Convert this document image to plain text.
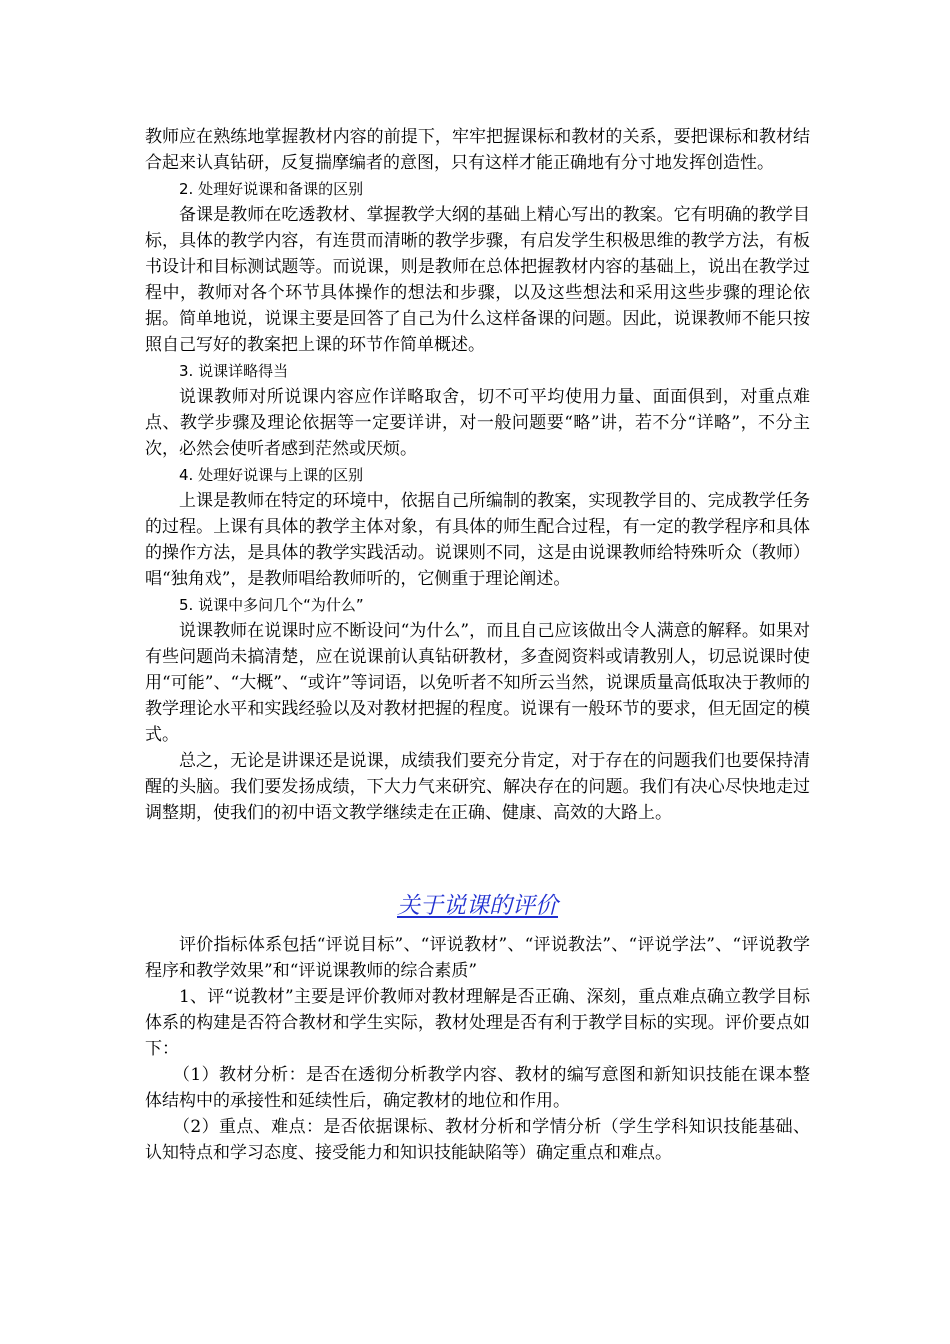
教师应在熟练地掌握教材内容的前提下，牢牢把握课标和教材的关系，要把课标和教材结合起来认真钻研，反复揣摩编者的意图，只有这样才能正确地有分寸地发挥创造性。

2. 处理好说课和备课的区别

备课是教师在吃透教材、掌握教学大纲的基础上精心写出的教案。它有明确的教学目标，具体的教学内容，有连贯而清晰的教学步骤，有启发学生积极思维的教学方法，有板书设计和目标测试题等。而说课，则是教师在总体把握教材内容的基础上，说出在教学过程中，教师对各个环节具体操作的想法和步骤，以及这些想法和采用这些步骤的理论依据。简单地说，说课主要是回答了自己为什么这样备课的问题。因此，说课教师不能只按照自己写好的教案把上课的环节作简单概述。

3. 说课详略得当

说课教师对所说课内容应作详略取舍，切不可平均使用力量、面面俱到，对重点难点、教学步骤及理论依据等一定要详讲，对一般问题要“略”讲，若不分“详略”，不分主次，必然会使听者感到茫然或厌烦。

4. 处理好说课与上课的区别

上课是教师在特定的环境中，依据自己所编制的教案，实现教学目的、完成教学任务的过程。上课有具体的教学主体对象，有具体的师生配合过程，有一定的教学程序和具体的操作方法，是具体的教学实践活动。说课则不同，这是由说课教师给特殊听众（教师）唱“独角戏”，是教师唱给教师听的，它侧重于理论阐述。

5. 说课中多问几个“为什么”

说课教师在说课时应不断设问“为什么”，而且自己应该做出令人满意的解释。如果对有些问题尚未搞清楚，应在说课前认真钻研教材，多查阅资料或请教别人，切忌说课时使用“可能”、“大概”、“或许”等词语，以免听者不知所云当然，说课质量高低取决于教师的教学理论水平和实践经验以及对教材把握的程度。说课有一般环节的要求，但无固定的模式。

总之，无论是讲课还是说课，成绩我们要充分肯定，对于存在的问题我们也要保持清醒的头脑。我们要发扬成绩，下大力气来研究、解决存在的问题。我们有决心尽快地走过调整期，使我们的初中语文教学继续走在正确、健康、高效的大路上。

关于说课的评价

评价指标体系包括“评说目标”、“评说教材”、“评说教法”、“评说学法”、“评说教学程序和教学效果”和“评说课教师的综合素质”

1、评“说教材”主要是评价教师对教材理解是否正确、深刻，重点难点确立教学目标体系的构建是否符合教材和学生实际，教材处理是否有利于教学目标的实现。评价要点如下：

（1）教材分析：是否在透彻分析教学内容、教材的编写意图和新知识技能在课本整体结构中的承接性和延续性后，确定教材的地位和作用。

（2）重点、难点：是否依据课标、教材分析和学情分析（学生学科知识技能基础、认知特点和学习态度、接受能力和知识技能缺陷等）确定重点和难点。
